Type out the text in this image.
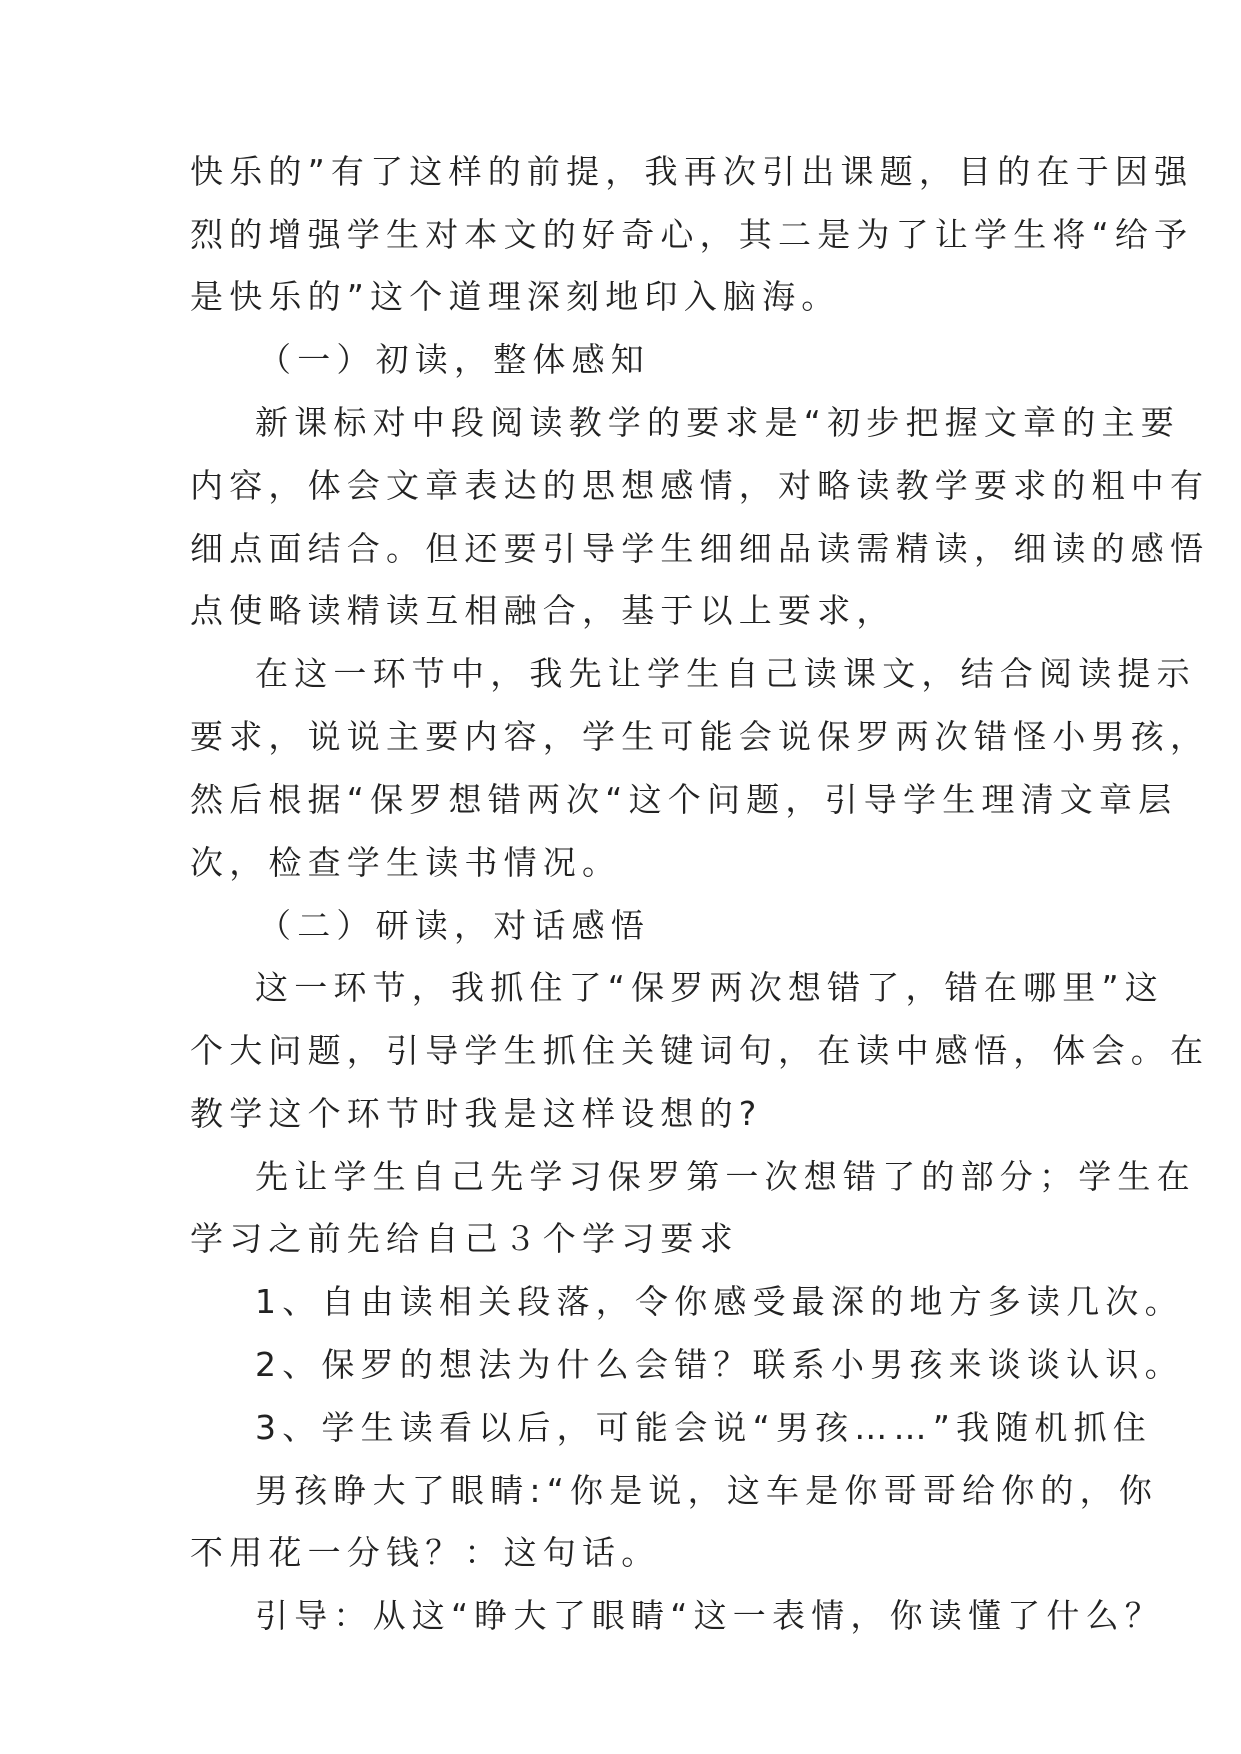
快乐的”有了这样的前提，我再次引出课题，目的在于因强
烈的增强学生对本文的好奇心，其二是为了让学生将“给予
是快乐的”这个道理深刻地印入脑海。
（一）初读，整体感知
新课标对中段阅读教学的要求是“初步把握文章的主要
内容，体会文章表达的思想感情，对略读教学要求的粗中有
细点面结合。但还要引导学生细细品读需精读，细读的感悟
点使略读精读互相融合，基于以上要求，
在这一环节中，我先让学生自己读课文，结合阅读提示
要求，说说主要内容，学生可能会说保罗两次错怪小男孩，
然后根据“保罗想错两次“这个问题，引导学生理清文章层
次，检查学生读书情况。
（二）研读，对话感悟
这一环节，我抓住了“保罗两次想错了，错在哪里”这
个大问题，引导学生抓住关键词句，在读中感悟，体会。在
教学这个环节时我是这样设想的?
先让学生自己先学习保罗第一次想错了的部分；学生在
学习之前先给自己３个学习要求
1、自由读相关段落，令你感受最深的地方多读几次。
2、保罗的想法为什么会错？联系小男孩来谈谈认识。
3、学生读看以后，可能会说“男孩……”我随机抓住
男孩睁大了眼睛:“你是说，这车是你哥哥给你的，你
不用花一分钱？：这句话。
引导：从这“睁大了眼睛“这一表情，你读懂了什么？
